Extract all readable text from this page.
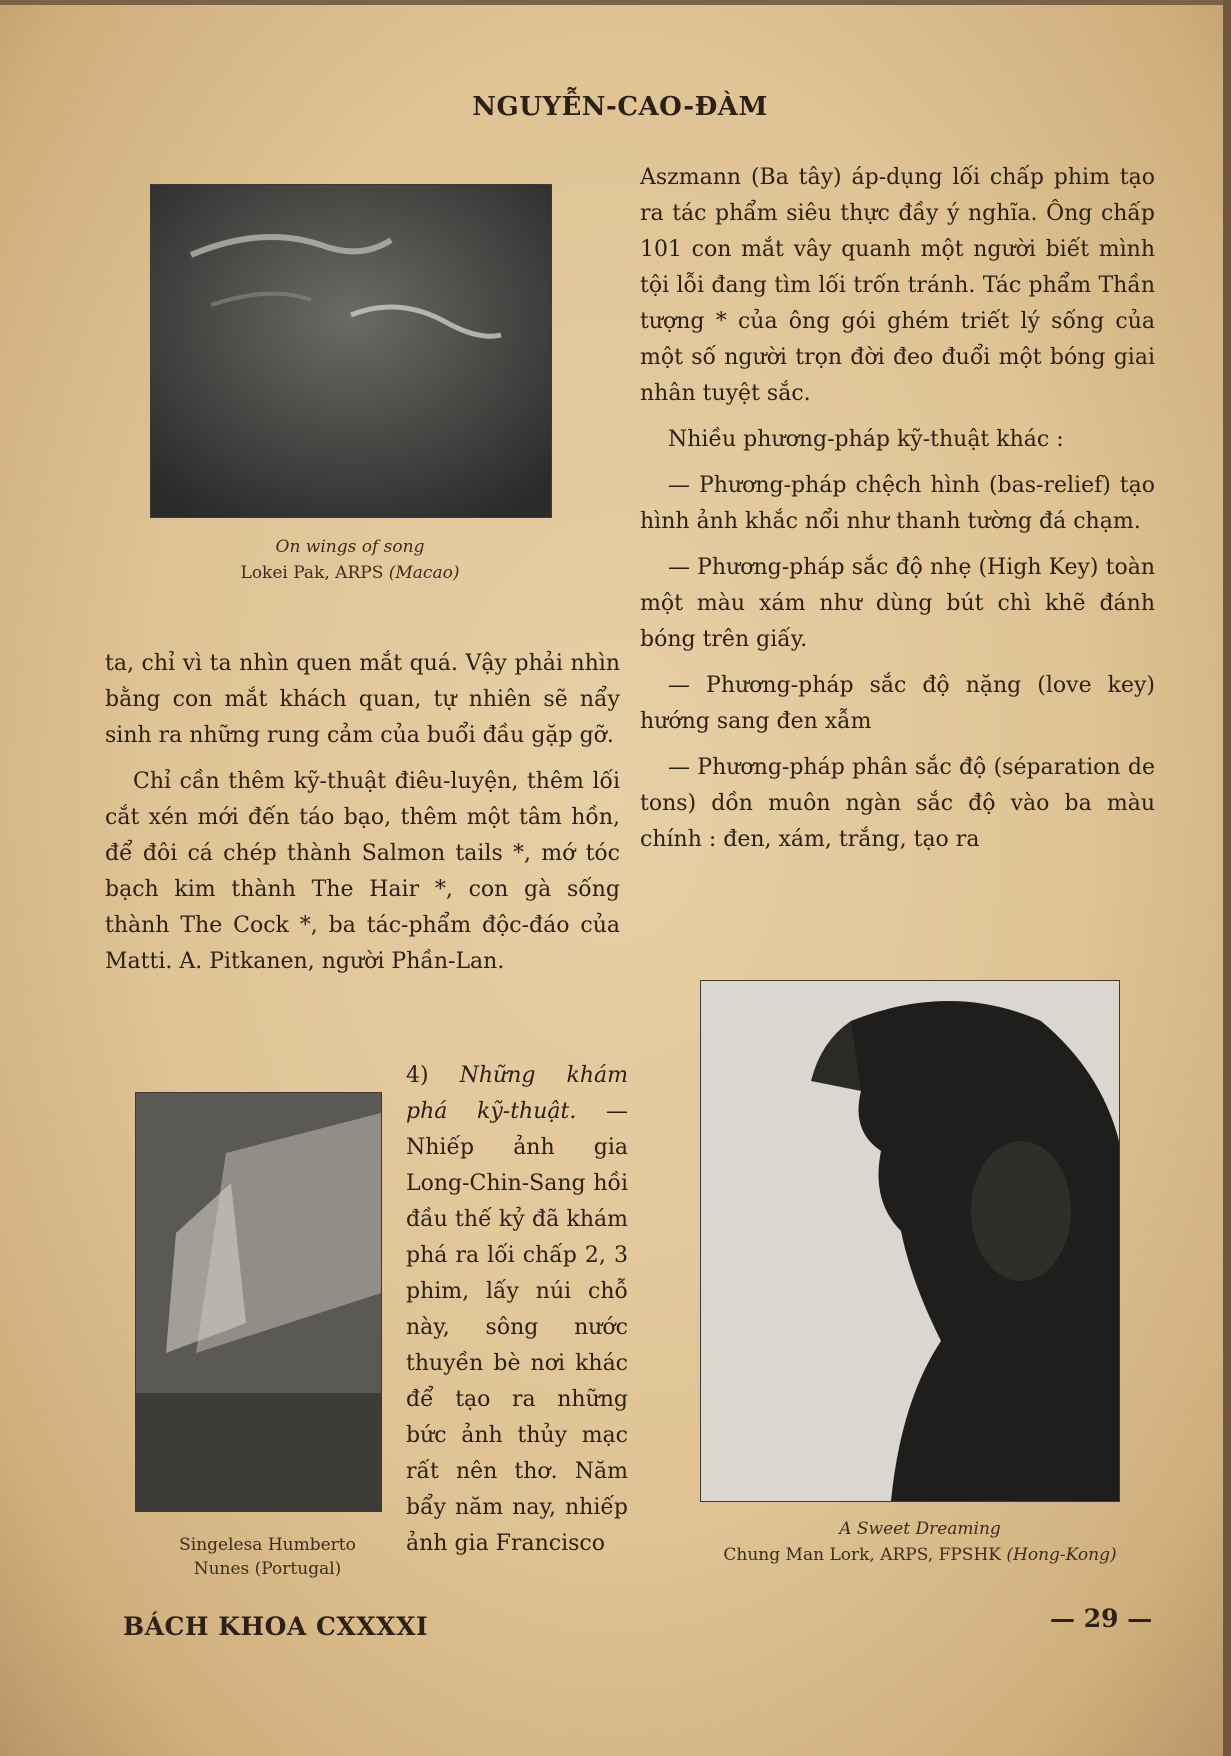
NGUYỄN-CAO-ĐÀM
On wings of song
Lokei Pak, ARPS (Macao)

ta, chỉ vì ta nhìn quen mắt quá. Vậy phải nhìn bằng con mắt khách quan, tự nhiên sẽ nẩy sinh ra những rung cảm của buổi đầu gặp gỡ.

Chỉ cần thêm kỹ-thuật điêu-luyện, thêm lối cắt xén mới đến táo bạo, thêm một tâm hồn, để đôi cá chép thành Salmon tails *, mớ tóc bạch kim thành The Hair *, con gà sống thành The Cock *, ba tác-phẩm độc-đáo của Matti. A. Pitkanen, người Phần-Lan.

Singelesa Humberto
Nunes (Portugal)

4) Những khám phá kỹ-thuật. — Nhiếp ảnh gia Long-Chin-Sang hồi đầu thế kỷ đã khám phá ra lối chấp 2, 3 phim, lấy núi chỗ này, sông nước thuyền bè nơi khác để tạo ra những bức ảnh thủy mạc rất nên thơ. Năm bẩy năm nay, nhiếp ảnh gia Francisco

Aszmann (Ba tây) áp-dụng lối chấp phim tạo ra tác phẩm siêu thực đầy ý nghĩa. Ông chấp 101 con mắt vây quanh một người biết mình tội lỗi đang tìm lối trốn tránh. Tác phẩm Thần tượng * của ông gói ghém triết lý sống của một số người trọn đời đeo đuổi một bóng giai nhân tuyệt sắc.

Nhiều phương-pháp kỹ-thuật khác :

— Phương-pháp chệch hình (bas-relief) tạo hình ảnh khắc nổi như thanh tường đá chạm.

— Phương-pháp sắc độ nhẹ (High Key) toàn một màu xám như dùng bút chì khẽ đánh bóng trên giấy.

— Phương-pháp sắc độ nặng (love key) hướng sang đen xẫm

— Phương-pháp phân sắc độ (séparation de tons) dồn muôn ngàn sắc độ vào ba màu chính : đen, xám, trắng, tạo ra

A Sweet Dreaming
Chung Man Lork, ARPS, FPSHK (Hong-Kong)
BÁCH KHOA CXXXXI	— 29 —
